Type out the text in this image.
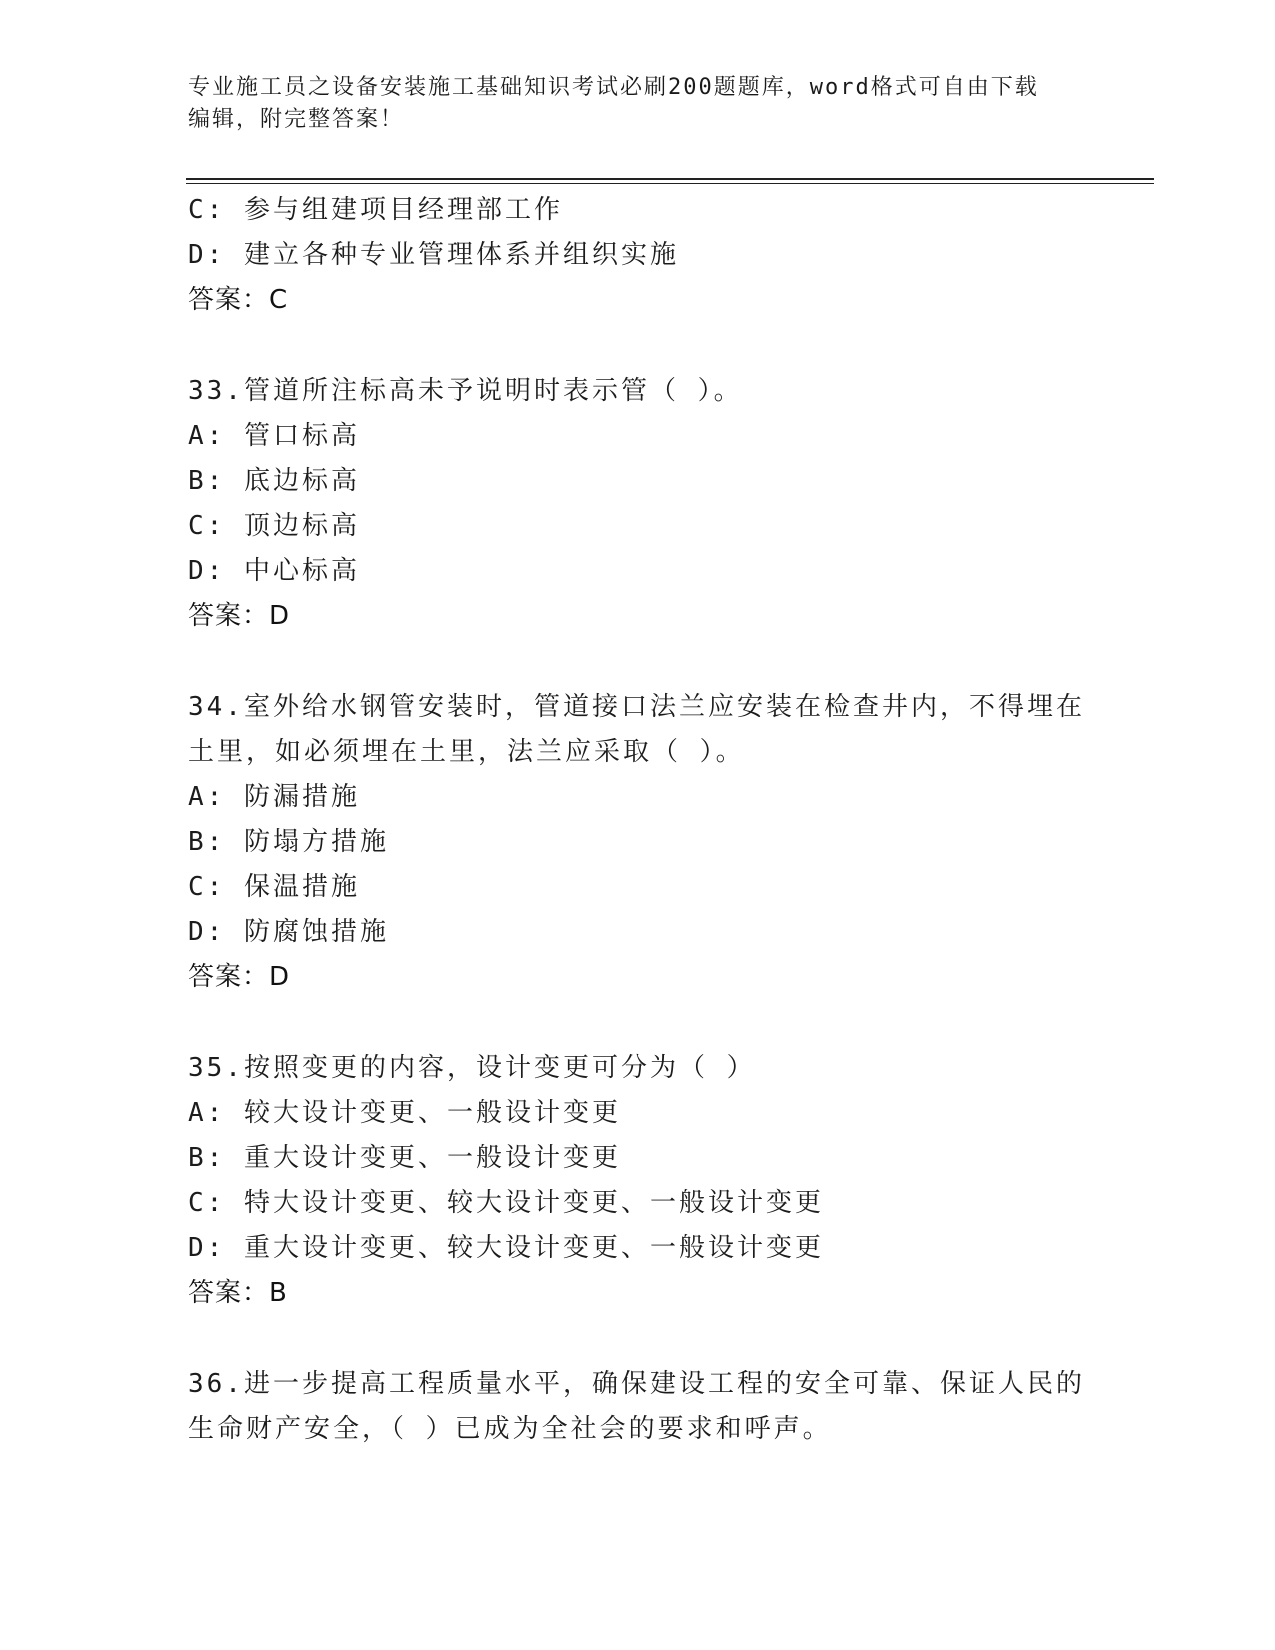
专业施工员之设备安装施工基础知识考试必刷200题题库，word格式可自由下载
编辑，附完整答案！
C: 参与组建项目经理部工作
D: 建立各种专业管理体系并组织实施
答案：C
33.管道所注标高未予说明时表示管（ ）。
A: 管口标高
B: 底边标高
C: 顶边标高
D: 中心标高
答案：D
34.室外给水钢管安装时，管道接口法兰应安装在检查井内，不得埋在
土里，如必须埋在土里，法兰应采取（ ）。
A: 防漏措施
B: 防塌方措施
C: 保温措施
D: 防腐蚀措施
答案：D
35.按照变更的内容，设计变更可分为（ ）
A: 较大设计变更、一般设计变更
B: 重大设计变更、一般设计变更
C: 特大设计变更、较大设计变更、一般设计变更
D: 重大设计变更、较大设计变更、一般设计变更
答案：B
36.进一步提高工程质量水平，确保建设工程的安全可靠、保证人民的
生命财产安全，（ ）已成为全社会的要求和呼声。
